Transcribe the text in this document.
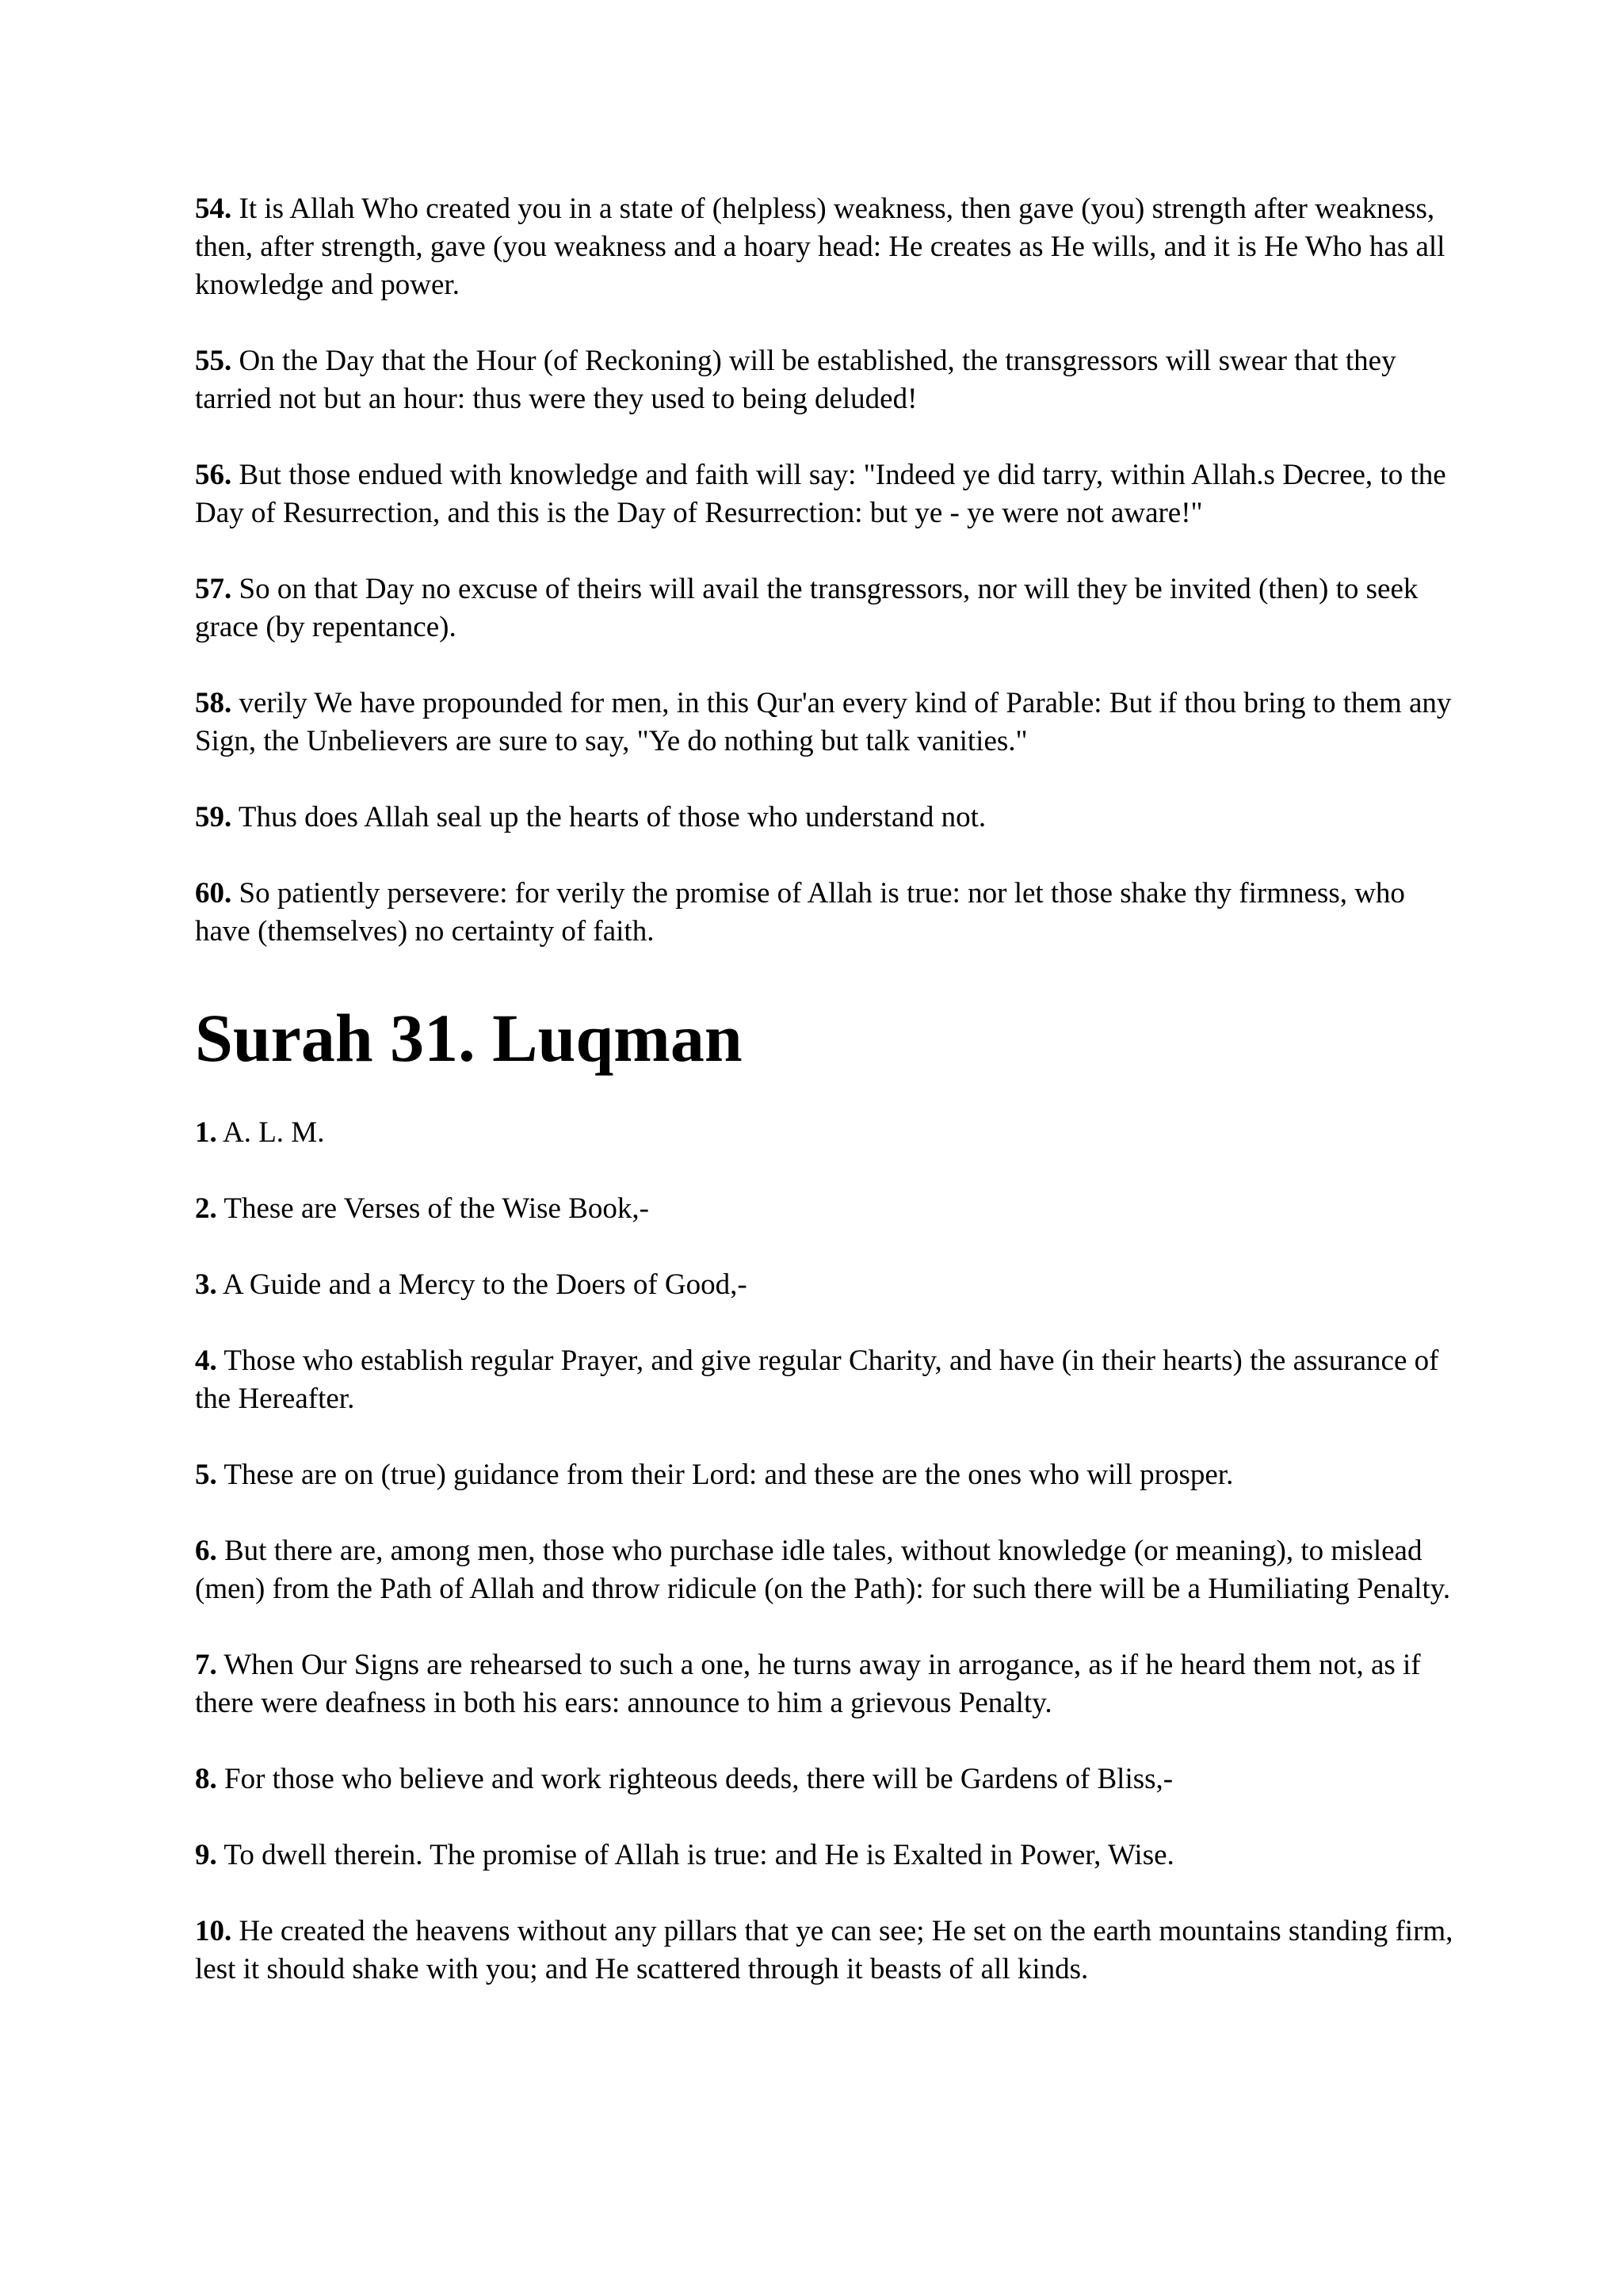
54. It is Allah Who created you in a state of (helpless) weakness, then gave (you) strength after weakness, then, after strength, gave (you weakness and a hoary head: He creates as He wills, and it is He Who has all knowledge and power.

55. On the Day that the Hour (of Reckoning) will be established, the transgressors will swear that they tarried not but an hour: thus were they used to being deluded!

56. But those endued with knowledge and faith will say: "Indeed ye did tarry, within Allah.s Decree, to the Day of Resurrection, and this is the Day of Resurrection: but ye - ye were not aware!"

57. So on that Day no excuse of theirs will avail the transgressors, nor will they be invited (then) to seek grace (by repentance).

58. verily We have propounded for men, in this Qur'an every kind of Parable: But if thou bring to them any Sign, the Unbelievers are sure to say, "Ye do nothing but talk vanities."

59. Thus does Allah seal up the hearts of those who understand not.

60. So patiently persevere: for verily the promise of Allah is true: nor let those shake thy firmness, who have (themselves) no certainty of faith.

Surah 31. Luqman

1. A. L. M.

2. These are Verses of the Wise Book,-

3. A Guide and a Mercy to the Doers of Good,-

4. Those who establish regular Prayer, and give regular Charity, and have (in their hearts) the assurance of the Hereafter.

5. These are on (true) guidance from their Lord: and these are the ones who will prosper.

6. But there are, among men, those who purchase idle tales, without knowledge (or meaning), to mislead (men) from the Path of Allah and throw ridicule (on the Path): for such there will be a Humiliating Penalty.

7. When Our Signs are rehearsed to such a one, he turns away in arrogance, as if he heard them not, as if there were deafness in both his ears: announce to him a grievous Penalty.

8. For those who believe and work righteous deeds, there will be Gardens of Bliss,-

9. To dwell therein. The promise of Allah is true: and He is Exalted in Power, Wise.

10. He created the heavens without any pillars that ye can see; He set on the earth mountains standing firm, lest it should shake with you; and He scattered through it beasts of all kinds.
